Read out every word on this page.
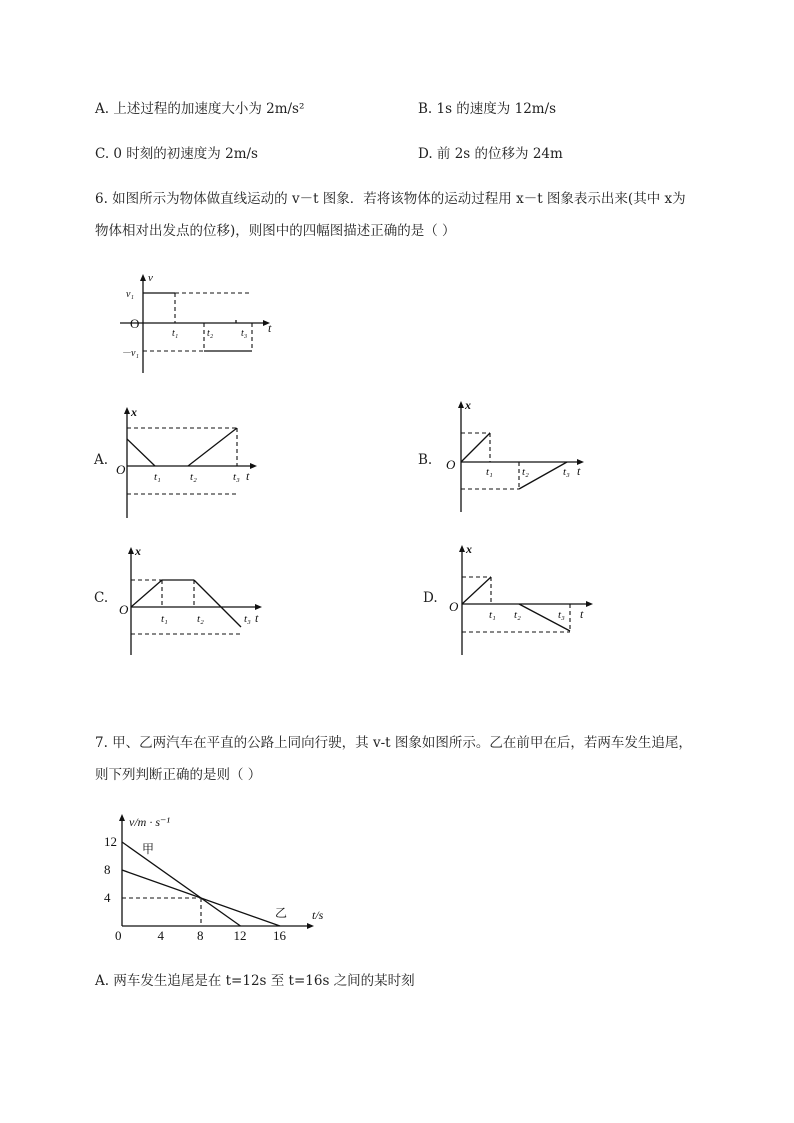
A. 上述过程的加速度大小为 2m/s²	B. 1s 的速度为 12m/s
C. 0 时刻的初速度为 2m/s	D. 前 2s 的位移为 24m
6. 如图所示为物体做直线运动的 v－t 图象．若将该物体的运动过程用 x－t 图象表示出来(其中 x为
物体相对出发点的位移)，则图中的四幅图描述正确的是（ ）
v
v₁
O	t
t₁	t₂	t₃
－v₁
A.
x
O	t₁	t₂	t₃ t
B.
x
O	t₁	t₂	t₃ t
C.
x
O
t₁	t₂	t₃ t
D.
x
O
t₁ t₂	t₃ t
7. 甲、乙两汽车在平直的公路上同向行驶，其 v-t 图象如图所示。乙在前甲在后，若两车发生追尾，
则下列判断正确的是则（ ）
v/m · s⁻¹
t/s
甲
乙
12
8
4
0	4	8 12 16
A. 两车发生追尾是在 t=12s 至 t=16s 之间的某时刻
